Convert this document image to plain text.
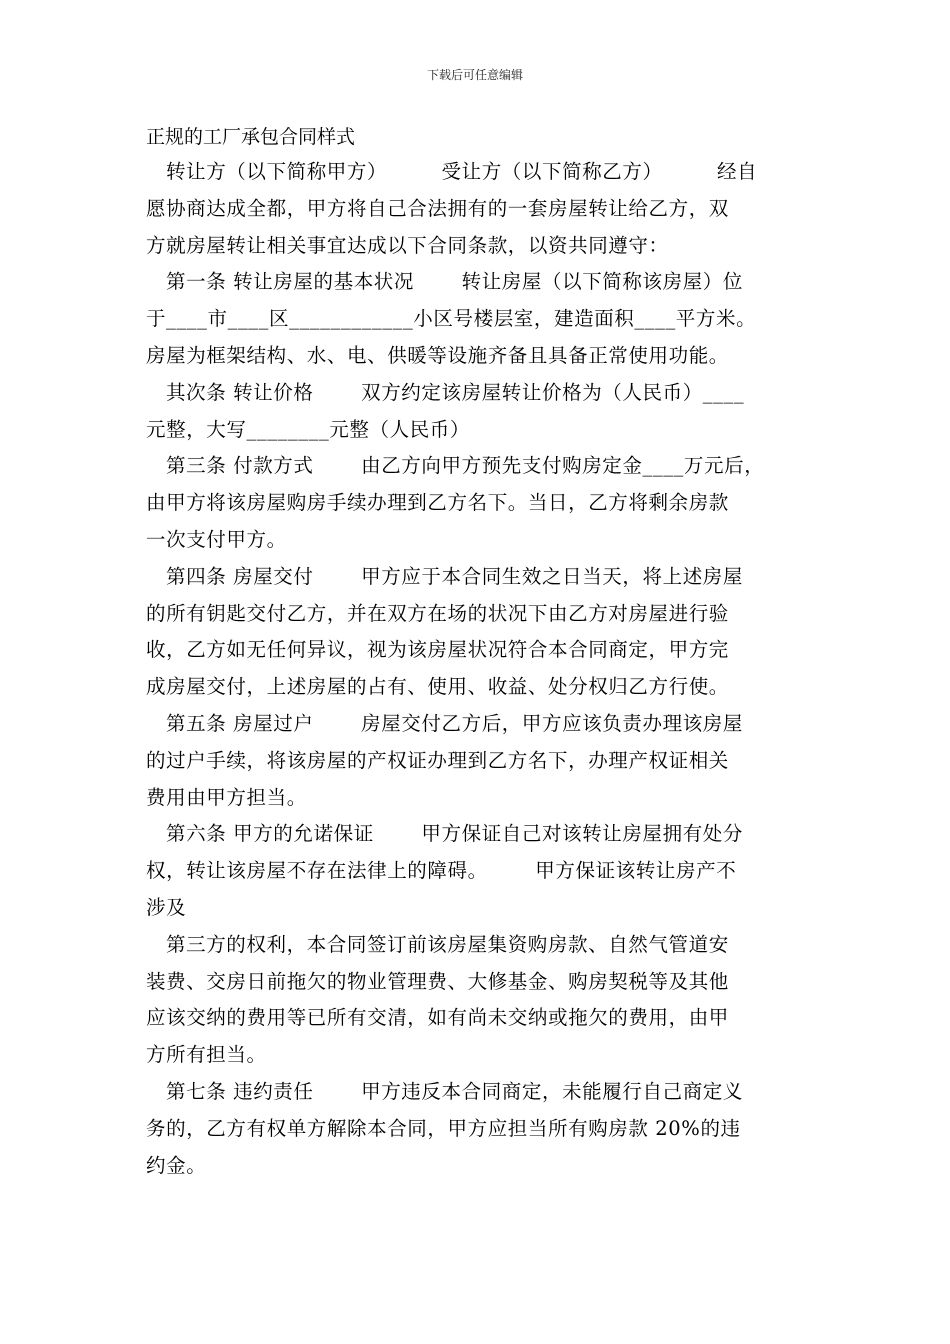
下载后可任意编辑
正规的工厂承包合同样式
转让方（以下简称甲方）        受让方（以下简称乙方）        经自
愿协商达成全都，甲方将自己合法拥有的一套房屋转让给乙方，双
方就房屋转让相关事宜达成以下合同条款，以资共同遵守：
第一条 转让房屋的基本状况       转让房屋（以下简称该房屋）位
于____市____区____________小区号楼层室，建造面积____平方米。
房屋为框架结构、水、电、供暖等设施齐备且具备正常使用功能。
其次条 转让价格       双方约定该房屋转让价格为（人民币）____
元整，大写________元整（人民币）
第三条 付款方式       由乙方向甲方预先支付购房定金____万元后，
由甲方将该房屋购房手续办理到乙方名下。当日，乙方将剩余房款
一次支付甲方。
第四条 房屋交付       甲方应于本合同生效之日当天，将上述房屋
的所有钥匙交付乙方，并在双方在场的状况下由乙方对房屋进行验
收，乙方如无任何异议，视为该房屋状况符合本合同商定，甲方完
成房屋交付，上述房屋的占有、使用、收益、处分权归乙方行使。
第五条 房屋过户       房屋交付乙方后，甲方应该负责办理该房屋
的过户手续，将该房屋的产权证办理到乙方名下，办理产权证相关
费用由甲方担当。
第六条 甲方的允诺保证       甲方保证自己对该转让房屋拥有处分
权，转让该房屋不存在法律上的障碍。       甲方保证该转让房产不
涉及
第三方的权利，本合同签订前该房屋集资购房款、自然气管道安
装费、交房日前拖欠的物业管理费、大修基金、购房契税等及其他
应该交纳的费用等已所有交清，如有尚未交纳或拖欠的费用，由甲
方所有担当。
第七条 违约责任       甲方违反本合同商定，未能履行自己商定义
务的，乙方有权单方解除本合同，甲方应担当所有购房款 20%的违
约金。
